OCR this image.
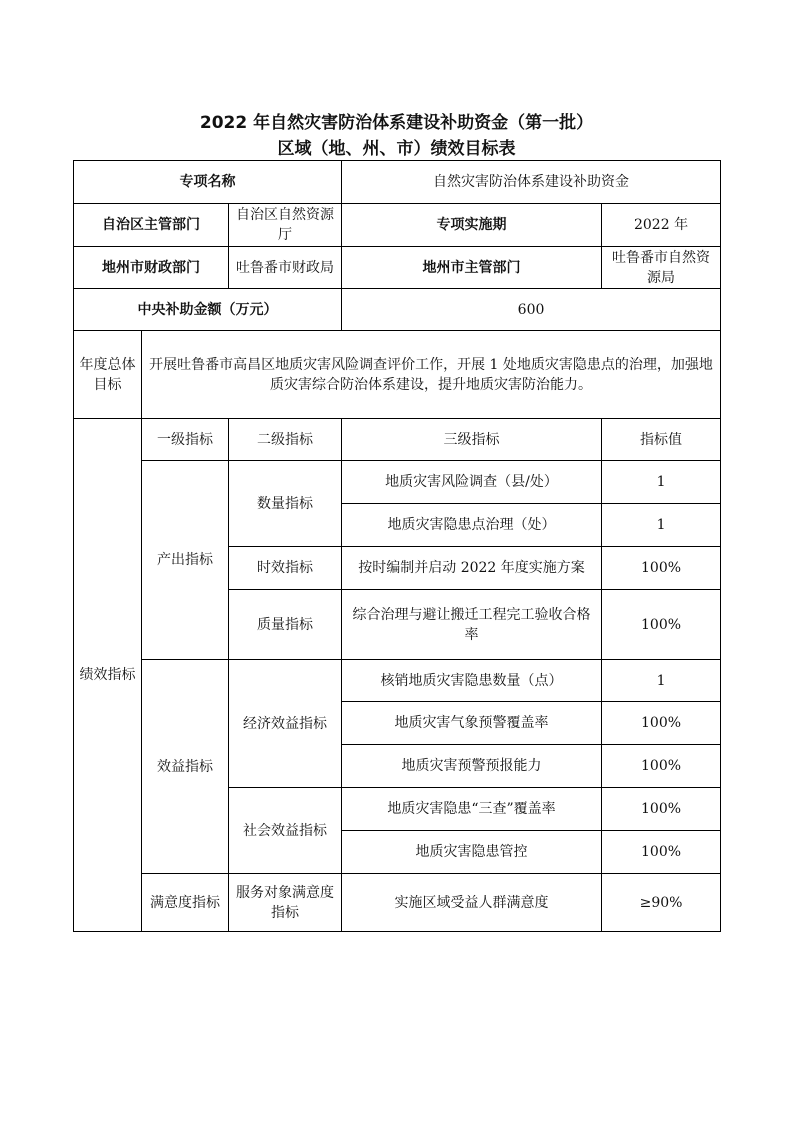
2022 年自然灾害防治体系建设补助资金（第一批）
区域（地、州、市）绩效目标表
专项名称			自然灾害防治体系建设补助资金	
自治区主管部门		自治区自然资源厅	专项实施期	2022 年
地州市财政部门		吐鲁番市财政局	地州市主管部门	吐鲁番市自然资源局
中央补助金额（万元）			600	
年度总体目标	开展吐鲁番市高昌区地质灾害风险调查评价工作，开展 1 处地质灾害隐患点的治理，加强地质灾害综合防治体系建设，提升地质灾害防治能力。			
绩效指标	一级指标	二级指标	三级指标	指标值
	产出指标	数量指标	地质灾害风险调查（县/处）	1
			地质灾害隐患点治理（处）	1
		时效指标	按时编制并启动 2022 年度实施方案	100%
		质量指标	综合治理与避让搬迁工程完工验收合格率	100%
	效益指标	经济效益指标	核销地质灾害隐患数量（点）	1
			地质灾害气象预警覆盖率	100%
			地质灾害预警预报能力	100%
		社会效益指标	地质灾害隐患“三查”覆盖率	100%
			地质灾害隐患管控	100%
	满意度指标	服务对象满意度指标	实施区域受益人群满意度	≥90%
